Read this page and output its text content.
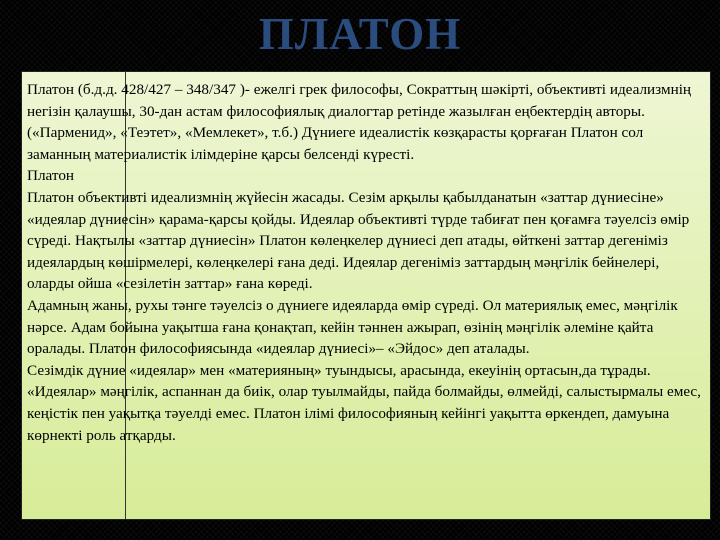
ПЛАТОН

Платон (б.д.д. 428/427 – 348/347 )- ежелгі грек философы, Сократтың шәкірті, объективті идеализмнің негізін қалаушы, 30-дан астам философиялық диалогтар ретінде жазылған еңбектердің авторы. («Парменид», «Теэтет», «Мемлекет», т.б.) Дүниеге идеалистік көзқарасты қорғаған Платон сол заманның материалистік ілімдеріне қарсы белсенді күресті.

Платон

Платон объективті идеализмнің жүйесін жасады. Сезім арқылы қабылданатын «заттар дүниесіне» «идеялар дүниесін» қарама-қарсы қойды. Идеялар объективті түрде табиғат пен қоғамға тәуелсіз өмір сүреді. Нақтылы «заттар дүниесін» Платон көлеңкелер дүниесі деп атады, өйткені заттар дегеніміз идеялардың көшірмелері, көлеңкелері ғана деді. Идеялар дегеніміз заттардың мәңгілік бейнелері, оларды ойша «сезілетін заттар» ғана көреді.

Адамның жаны, рухы тәнге тәуелсіз о дүниеге идеяларда өмір сүреді. Ол материялық емес, мәңгілік нәрсе. Адам бойына уақытша ғана қонақтап, кейін тәннен ажырап, өзінің мәңгілік әлеміне қайта оралады. Платон философиясында «идеялар дүниесі»– «Эйдос» деп аталады.

Сезімдік дүние «идеялар» мен «материяның» туындысы, арасында, екеуінің ортасын,да тұрады. «Идеялар» мәңгілік, аспаннан да биік, олар туылмайды, пайда болмайды, өлмейді, салыстырмалы емес, кеңістік пен уақытқа тәуелді емес. Платон ілімі философияның кейінгі уақытта өркендеп, дамуына көрнекті роль атқарды.
